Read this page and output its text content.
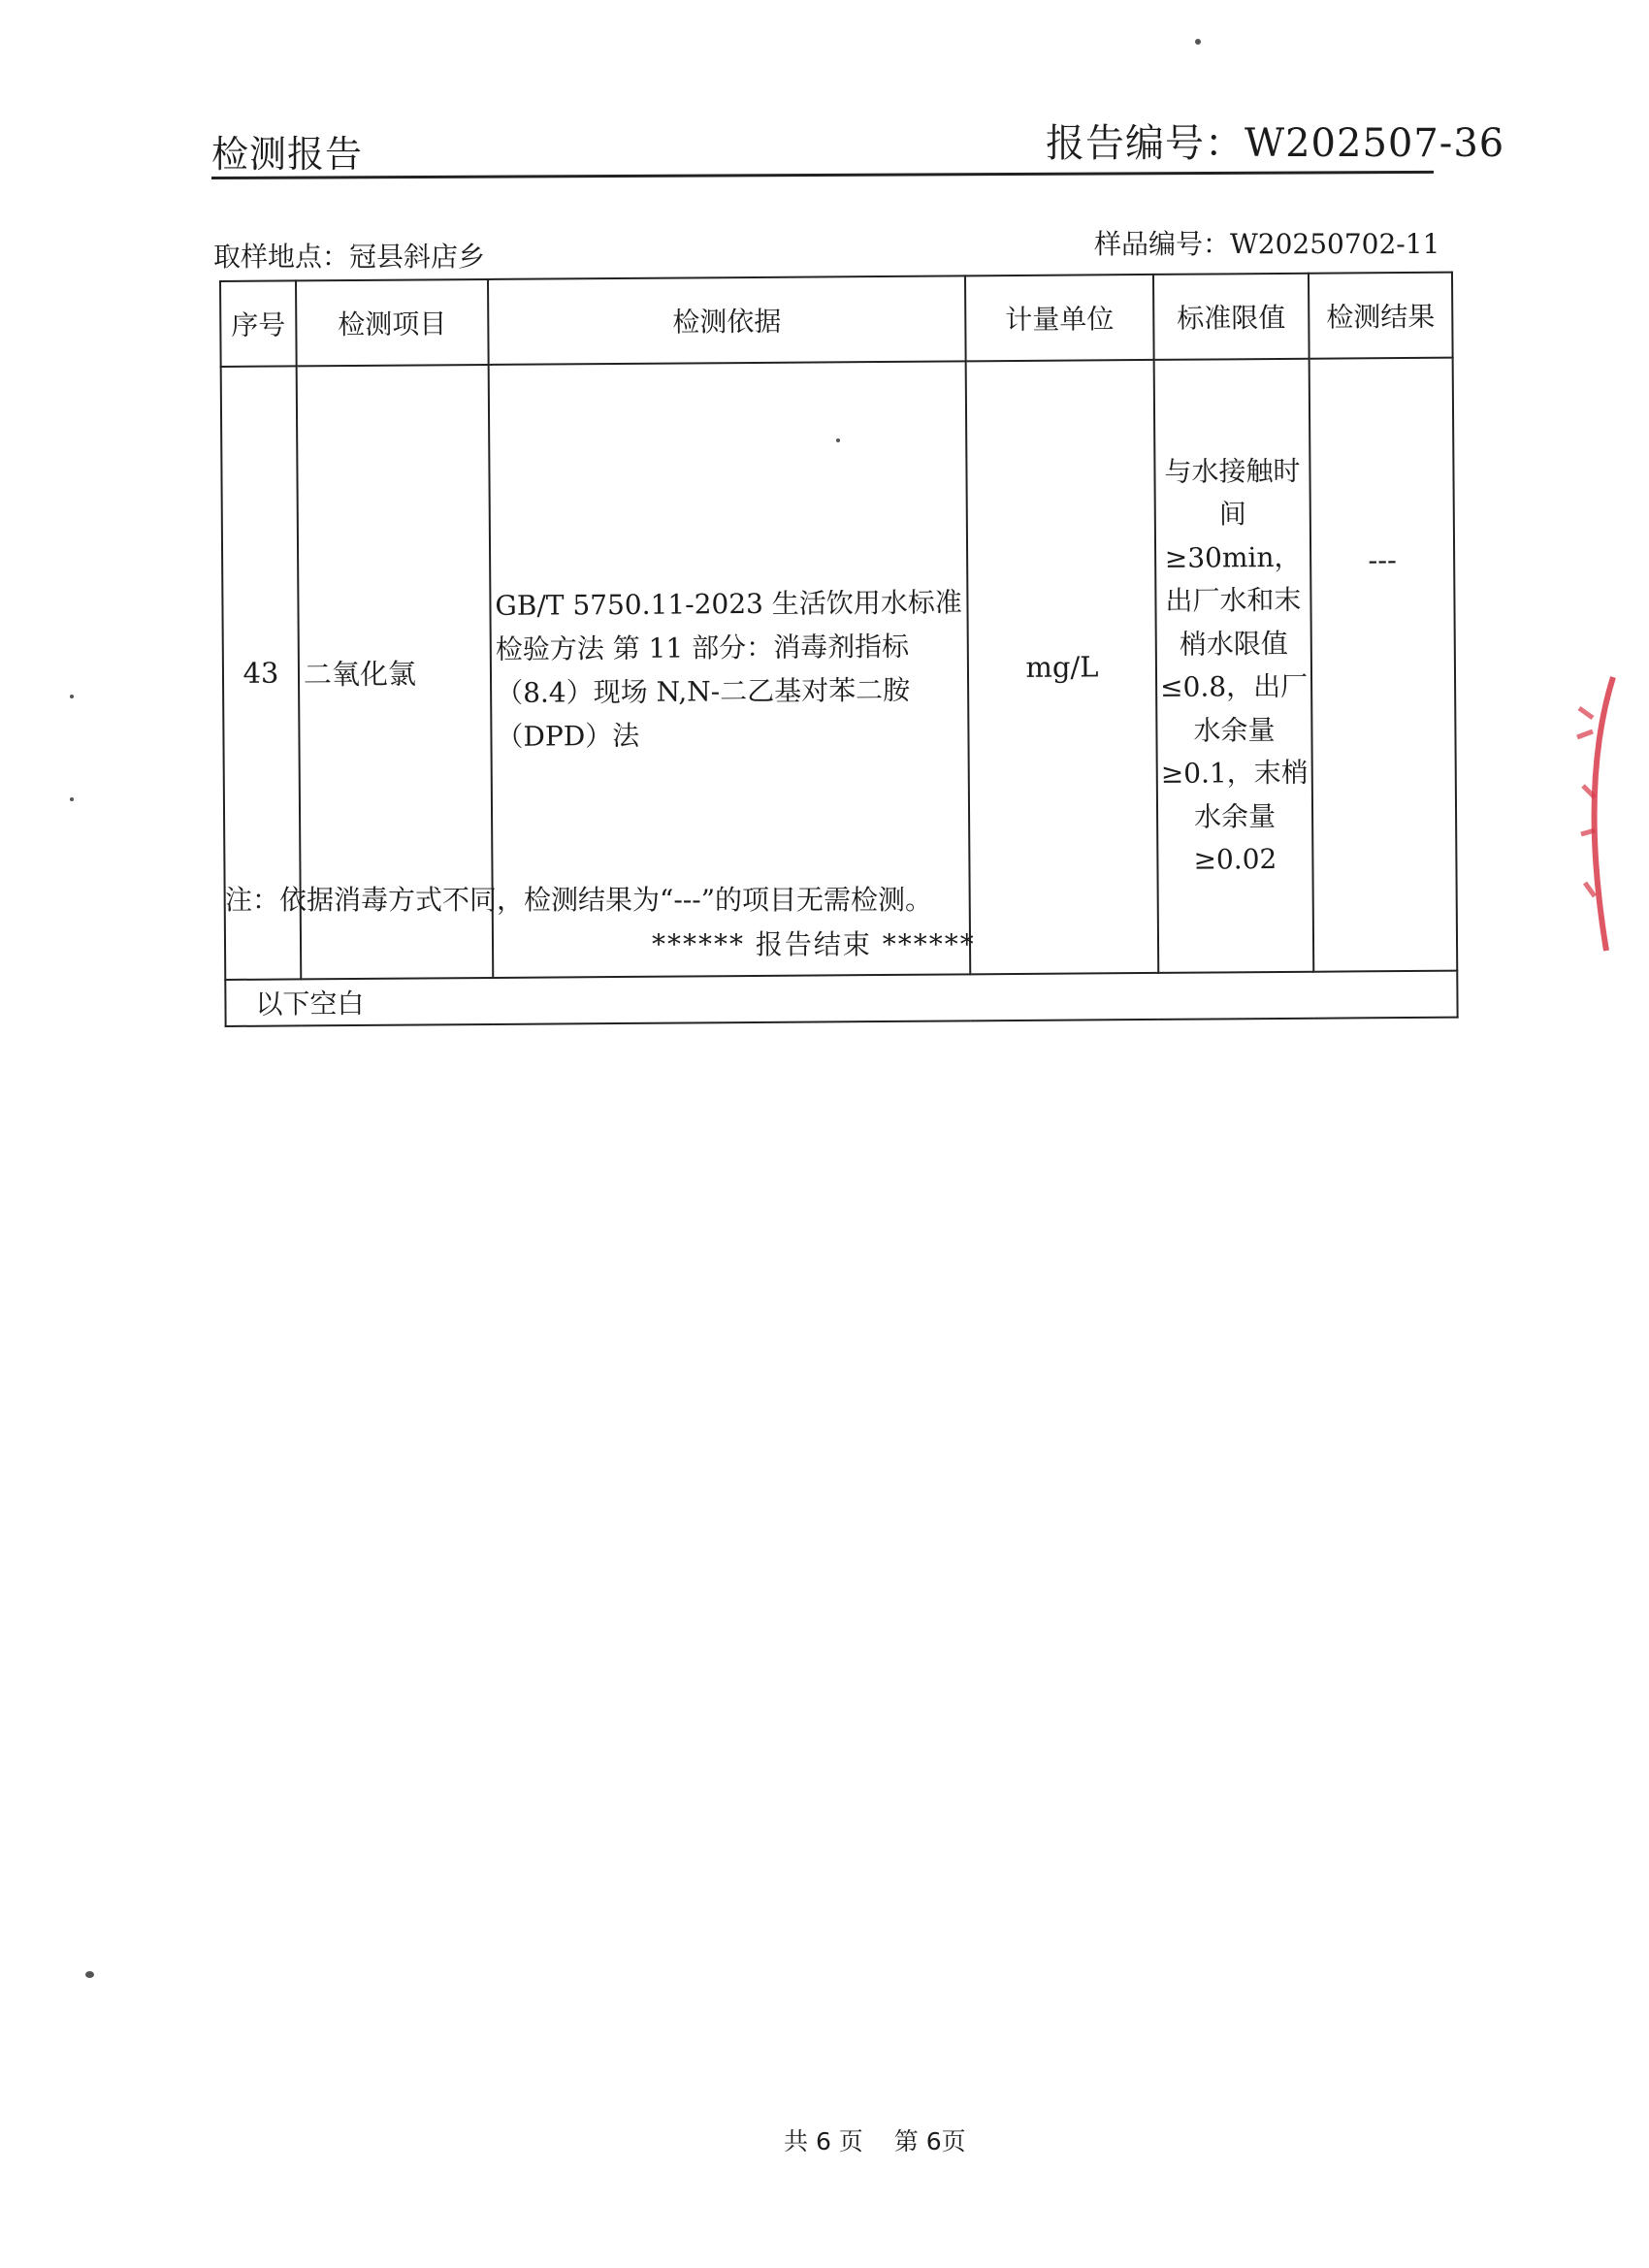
检测报告	报告编号：W202507-36
取样地点：冠县斜店乡	样品编号：W20250702-11
序号	检测项目	检测依据	计量单位	标准限值	检测结果
43	二氧化氯	GB/T 5750.11-2023 生活饮用水标准检验方法 第 11 部分：消毒剂指标（8.4）现场 N,N-二乙基对苯二胺（DPD）法	mg/L	与水接触时间≥30min，出厂水和末梢水限值≤0.8，出厂水余量≥0.1，末梢水余量≥0.02	---
以下空白					
注：依据消毒方式不同，检测结果为“---”的项目无需检测。
****** 报告结束 ******
共 6 页 第 6页
